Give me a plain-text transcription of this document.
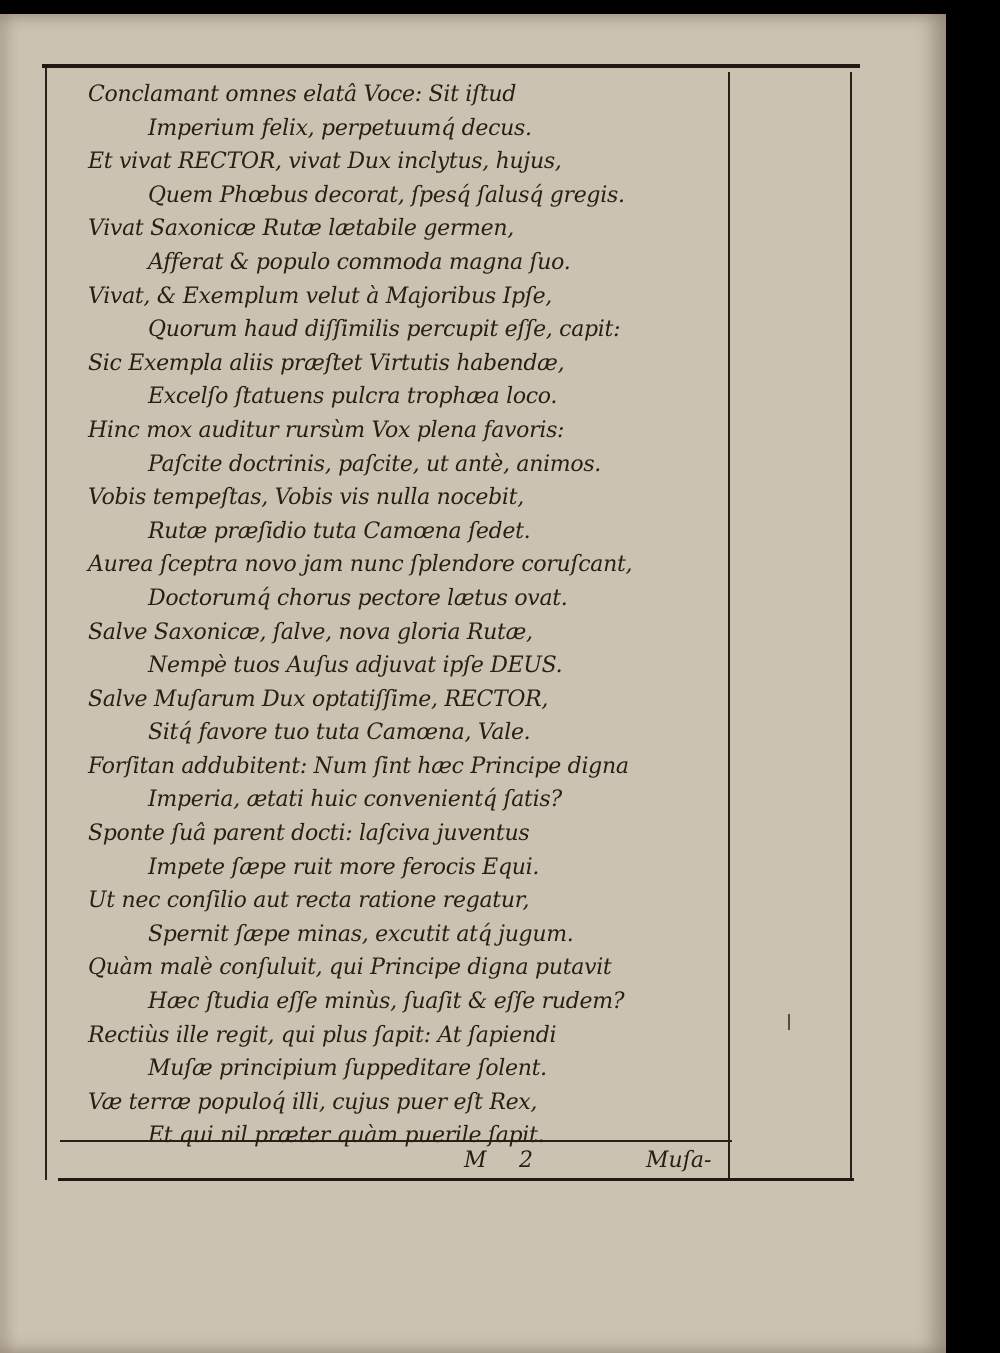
Conclamant omnes elatâ Voce: Sit iſtud
Imperium felix, perpetuumq́ decus.
Et vivat RECTOR, vivat Dux inclytus, hujus,
Quem Phœbus decorat, ſpesq́ ſalusq́ gregis.
Vivat Saxonicæ Rutæ lætabile germen,
Afferat & populo commoda magna ſuo.
Vivat, & Exemplum velut à Majoribus Ipſe,
Quorum haud diſſimilis percupit eſſe, capit:
Sic Exempla aliis præſtet Virtutis habendæ,
Excelſo ſtatuens pulcra trophæa loco.
Hinc mox auditur rursùm Vox plena favoris:
Paſcite doctrinis, paſcite, ut antè, animos.
Vobis tempeſtas, Vobis vis nulla nocebit,
Rutæ præſidio tuta Camœna ſedet.
Aurea ſceptra novo jam nunc ſplendore coruſcant,
Doctorumq́ chorus pectore lætus ovat.
Salve Saxonicæ, ſalve, nova gloria Rutæ,
Nempè tuos Auſus adjuvat ipſe DEUS.
Salve Muſarum Dux optatiſſime, RECTOR,
Sitq́ favore tuo tuta Camœna, Vale.
Forſitan addubitent: Num ſint hæc Principe digna
Imperia, ætati huic convenientq́ ſatis?
Sponte ſuâ parent docti: laſciva juventus
Impete ſæpe ruit more ferocis Equi.
Ut nec conſilio aut recta ratione regatur,
Spernit ſæpe minas, excutit atq́ jugum.
Quàm malè conſuluit, qui Principe digna putavit
Hæc ſtudia eſſe minùs, ſuaſit & eſſe rudem?
Rectiùs ille regit, qui plus ſapit: At ſapiendi
Muſæ principium ſuppeditare ſolent.
Væ terræ populoq́ illi, cujus puer eſt Rex,
Et qui nil præter quàm puerile ſapit.
M 2	Muſa-
